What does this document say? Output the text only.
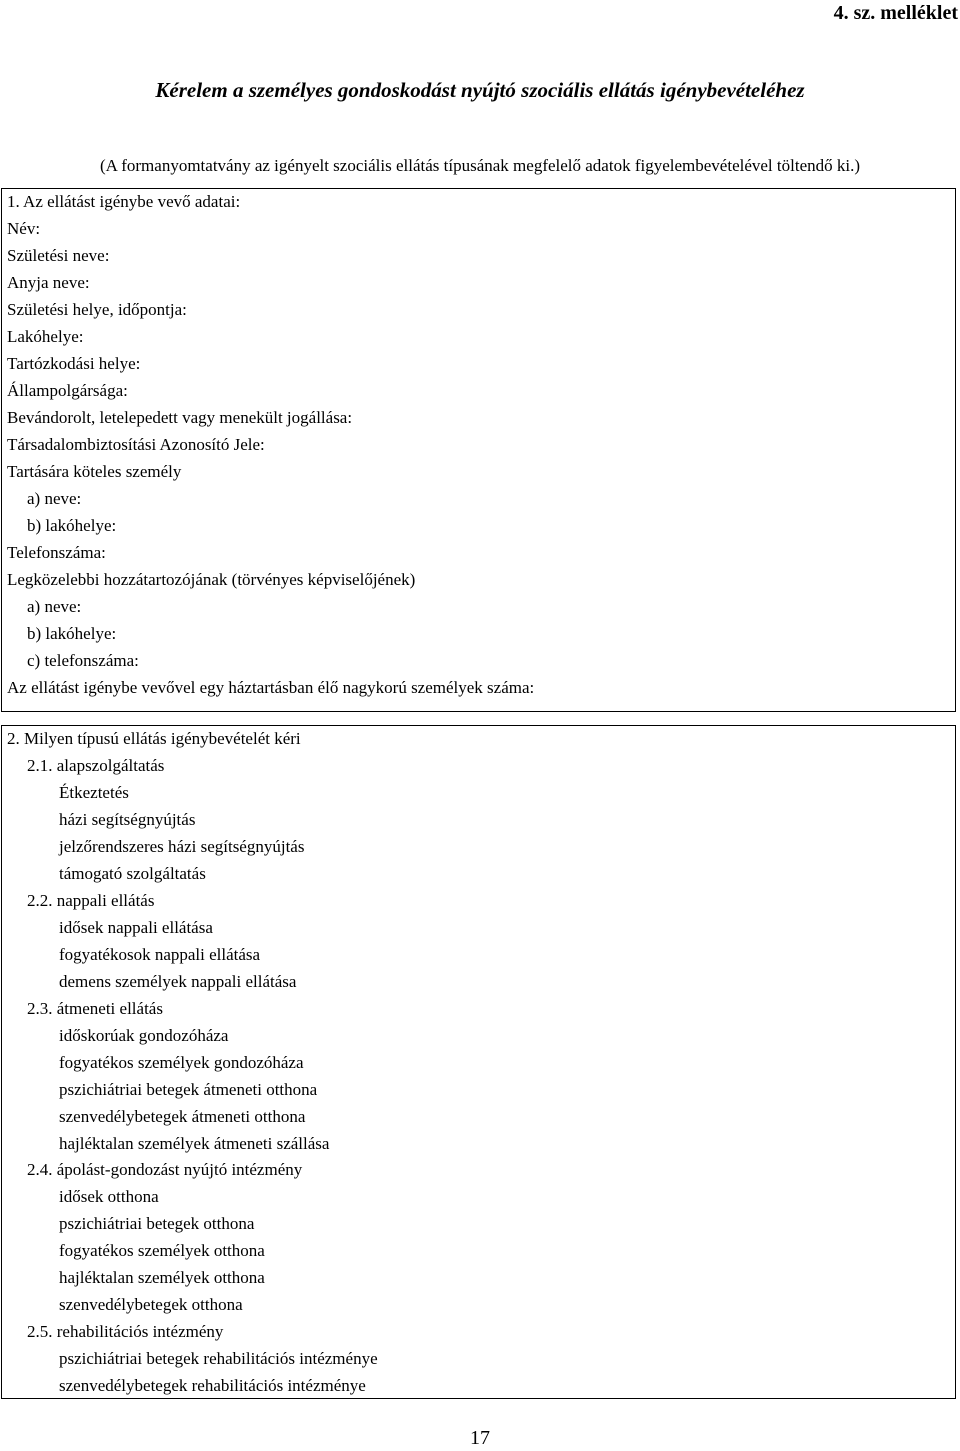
4. sz. melléklet
Kérelem a személyes gondoskodást nyújtó szociális ellátás igénybevételéhez
(A formanyomtatvány az igényelt szociális ellátás típusának megfelelő adatok figyelembevételével töltendő ki.)
1. Az ellátást igénybe vevő adatai:
Név:
Születési neve:
Anyja neve:
Születési helye, időpontja:
Lakóhelye:
Tartózkodási helye:
Állampolgársága:
Bevándorolt, letelepedett vagy menekült jogállása:
Társadalombiztosítási Azonosító Jele:
Tartására köteles személy
a) neve:
b) lakóhelye:
Telefonszáma:
Legközelebbi hozzátartozójának (törvényes képviselőjének)
a) neve:
b) lakóhelye:
c) telefonszáma:
Az ellátást igénybe vevővel egy háztartásban élő nagykorú személyek száma:
2. Milyen típusú ellátás igénybevételét kéri
2.1. alapszolgáltatás
Étkeztetés
házi segítségnyújtás
jelzőrendszeres házi segítségnyújtás
támogató szolgáltatás
2.2. nappali ellátás
idősek nappali ellátása
fogyatékosok nappali ellátása
demens személyek nappali ellátása
2.3. átmeneti ellátás
időskorúak gondozóháza
fogyatékos személyek gondozóháza
pszichiátriai betegek átmeneti otthona
szenvedélybetegek átmeneti otthona
hajléktalan személyek átmeneti szállása
2.4. ápolást-gondozást nyújtó intézmény
idősek otthona
pszichiátriai betegek otthona
fogyatékos személyek otthona
hajléktalan személyek otthona
szenvedélybetegek otthona
2.5. rehabilitációs intézmény
pszichiátriai betegek rehabilitációs intézménye
szenvedélybetegek rehabilitációs intézménye
17
